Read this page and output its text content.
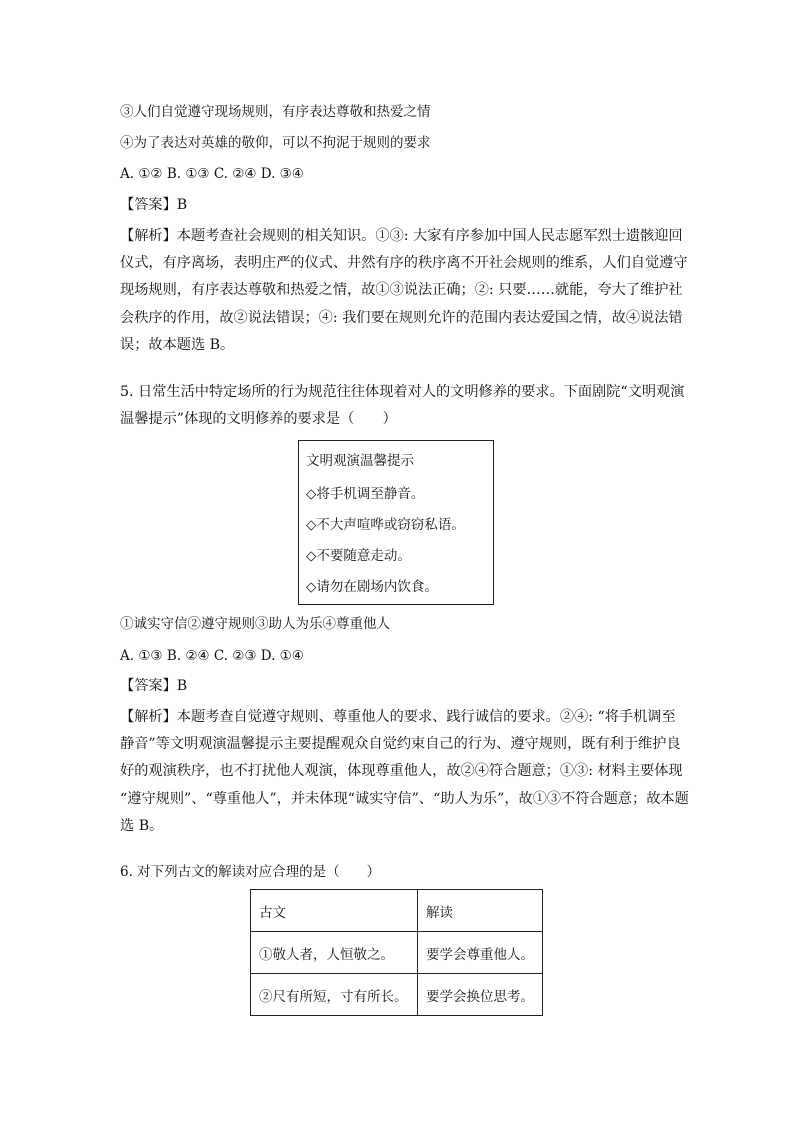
③人们自觉遵守现场规则，有序表达尊敬和热爱之情
④为了表达对英雄的敬仰，可以不拘泥于规则的要求
A. ①② B. ①③ C. ②④ D. ③④
【答案】B
【解析】本题考查社会规则的相关知识。①③: 大家有序参加中国人民志愿军烈士遗骸迎回
仪式，有序离场，表明庄严的仪式、井然有序的秩序离不开社会规则的维系，人们自觉遵守
现场规则，有序表达尊敬和热爱之情，故①③说法正确；②: 只要……就能，夸大了维护社
会秩序的作用，故②说法错误；④: 我们要在规则允许的范围内表达爱国之情，故④说法错
误；故本题选 B。
5. 日常生活中特定场所的行为规范往往体现着对人的文明修养的要求。下面剧院“文明观演
温馨提示”体现的文明修养的要求是（　　）
文明观演温馨提示
◇将手机调至静音。
◇不大声喧哗或窃窃私语。
◇不要随意走动。
◇请勿在剧场内饮食。
①诚实守信②遵守规则③助人为乐④尊重他人
A. ①③ B. ②④ C. ②③ D. ①④
【答案】B
【解析】本题考查自觉遵守规则、尊重他人的要求、践行诚信的要求。②④: “将手机调至
静音”等文明观演温馨提示主要提醒观众自觉约束自己的行为、遵守规则，既有利于维护良
好的观演秩序，也不打扰他人观演，体现尊重他人，故②④符合题意；①③: 材料主要体现
“遵守规则”、“尊重他人”，并未体现“诚实守信”、“助人为乐”，故①③不符合题意；故本题
选 B。
6. 对下列古文的解读对应合理的是（　　）
古文	解读
①敬人者，人恒敬之。	要学会尊重他人。
②尺有所短，寸有所长。	要学会换位思考。
